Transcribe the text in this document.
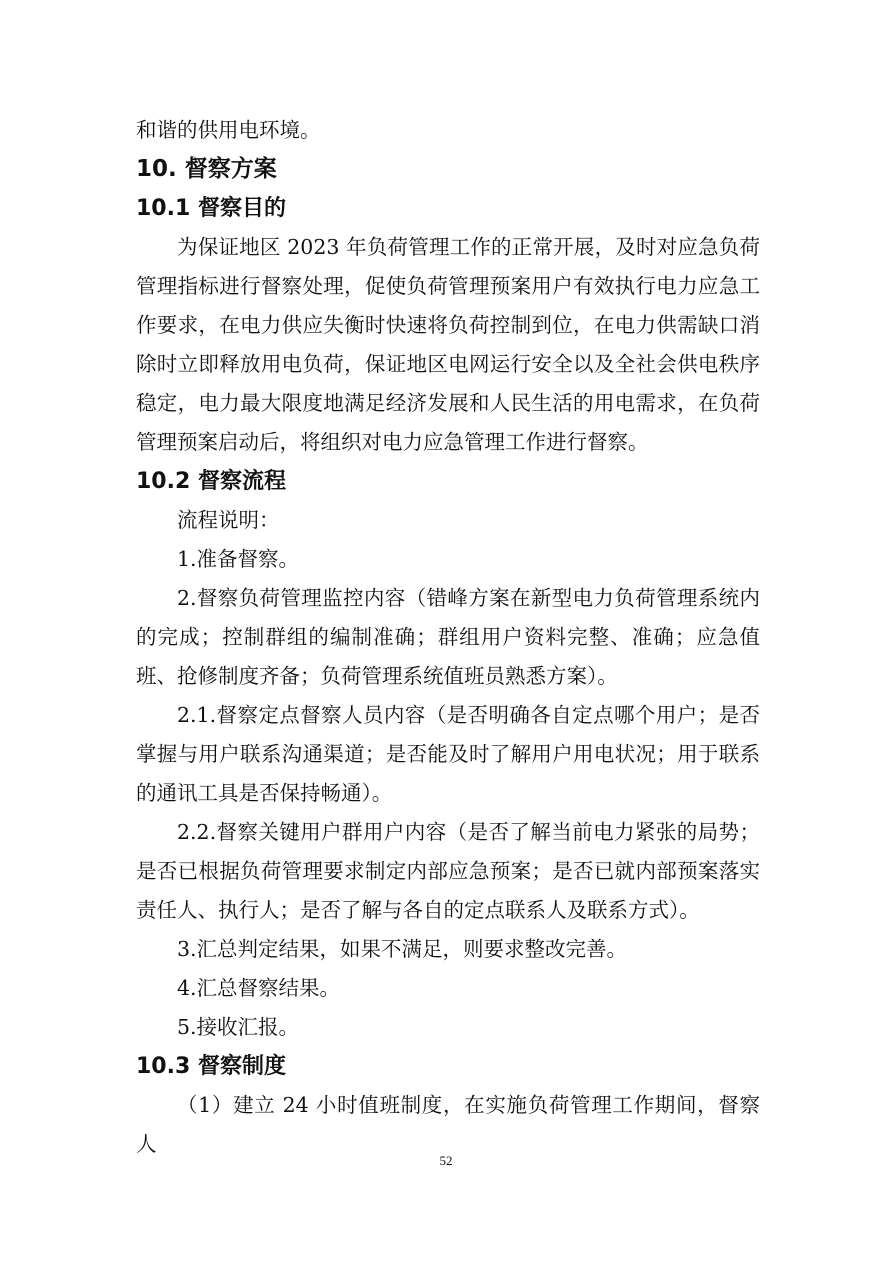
和谐的供用电环境。

10. 督察方案

10.1 督察目的

为保证地区 2023 年负荷管理工作的正常开展，及时对应急负荷管理指标进行督察处理，促使负荷管理预案用户有效执行电力应急工作要求，在电力供应失衡时快速将负荷控制到位，在电力供需缺口消除时立即释放用电负荷，保证地区电网运行安全以及全社会供电秩序稳定，电力最大限度地满足经济发展和人民生活的用电需求，在负荷管理预案启动后，将组织对电力应急管理工作进行督察。

10.2 督察流程

流程说明：

1.准备督察。

2.督察负荷管理监控内容（错峰方案在新型电力负荷管理系统内的完成；控制群组的编制准确；群组用户资料完整、准确；应急值班、抢修制度齐备；负荷管理系统值班员熟悉方案）。

2.1.督察定点督察人员内容（是否明确各自定点哪个用户；是否掌握与用户联系沟通渠道；是否能及时了解用户用电状况；用于联系的通讯工具是否保持畅通）。

2.2.督察关键用户群用户内容（是否了解当前电力紧张的局势；是否已根据负荷管理要求制定内部应急预案；是否已就内部预案落实责任人、执行人；是否了解与各自的定点联系人及联系方式）。

3.汇总判定结果，如果不满足，则要求整改完善。

4.汇总督察结果。

5.接收汇报。

10.3 督察制度

（1）建立 24 小时值班制度，在实施负荷管理工作期间，督察人

52
